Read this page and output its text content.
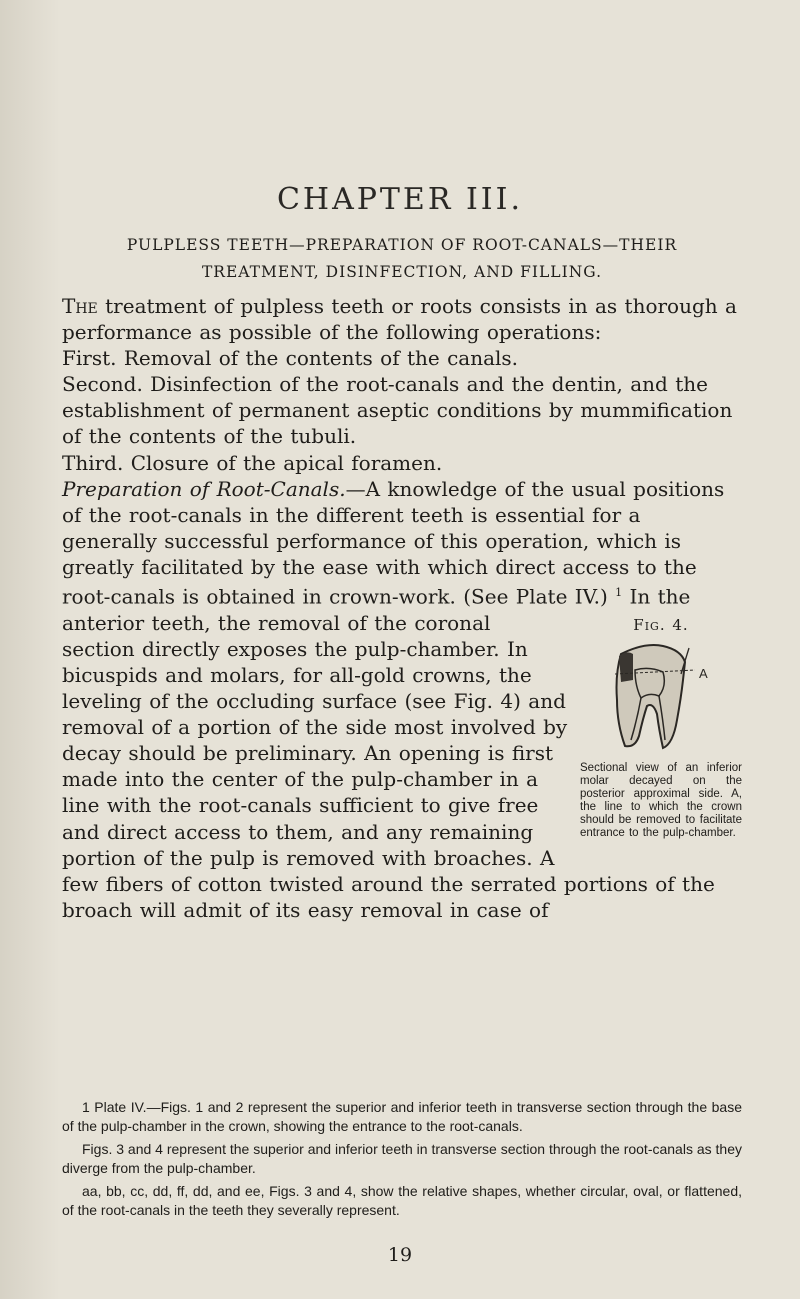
CHAPTER III.
PULPLESS TEETH—PREPARATION OF ROOT-CANALS—THEIR
TREATMENT, DISINFECTION, AND FILLING.

The treatment of pulpless teeth or roots consists in as thorough a performance as possible of the following operations:

First. Removal of the contents of the canals.

Second. Disinfection of the root-canals and the dentin, and the establishment of permanent aseptic conditions by mummification of the contents of the tubuli.

Third. Closure of the apical foramen.

Preparation of Root-Canals.—A knowledge of the usual positions of the root-canals in the different teeth is essential for a generally successful performance of this operation, which is greatly facilitated by the ease with which direct access to the root-canals is obtained in crown-work. (See Plate IV.)
Fig. 4.
A
Sectional view of an inferior molar decayed on the posterior approximal side. A, the line to which the crown should be removed to facilitate entrance to the pulp-chamber.
$^1$ In the anterior teeth, the removal of the coronal section directly exposes the pulp-chamber. In bicuspids and molars, for all-gold crowns, the leveling of the occluding surface (see Fig. 4) and removal of a portion of the side most involved by decay should be preliminary. An opening is first made into the center of the pulp-chamber in a line with the root-canals sufficient to give free and direct access to them, and any remaining portion of the pulp is removed with broaches. A few fibers of cotton twisted around the serrated portions of the broach will admit of its easy removal in case of

1 Plate IV.—Figs. 1 and 2 represent the superior and inferior teeth in transverse section through the base of the pulp-chamber in the crown, showing the entrance to the root-canals.

Figs. 3 and 4 represent the superior and inferior teeth in transverse section through the root-canals as they diverge from the pulp-chamber.

aa, bb, cc, dd, ff, dd, and ee, Figs. 3 and 4, show the relative shapes, whether circular, oval, or flattened, of the root-canals in the teeth they severally represent.

19
